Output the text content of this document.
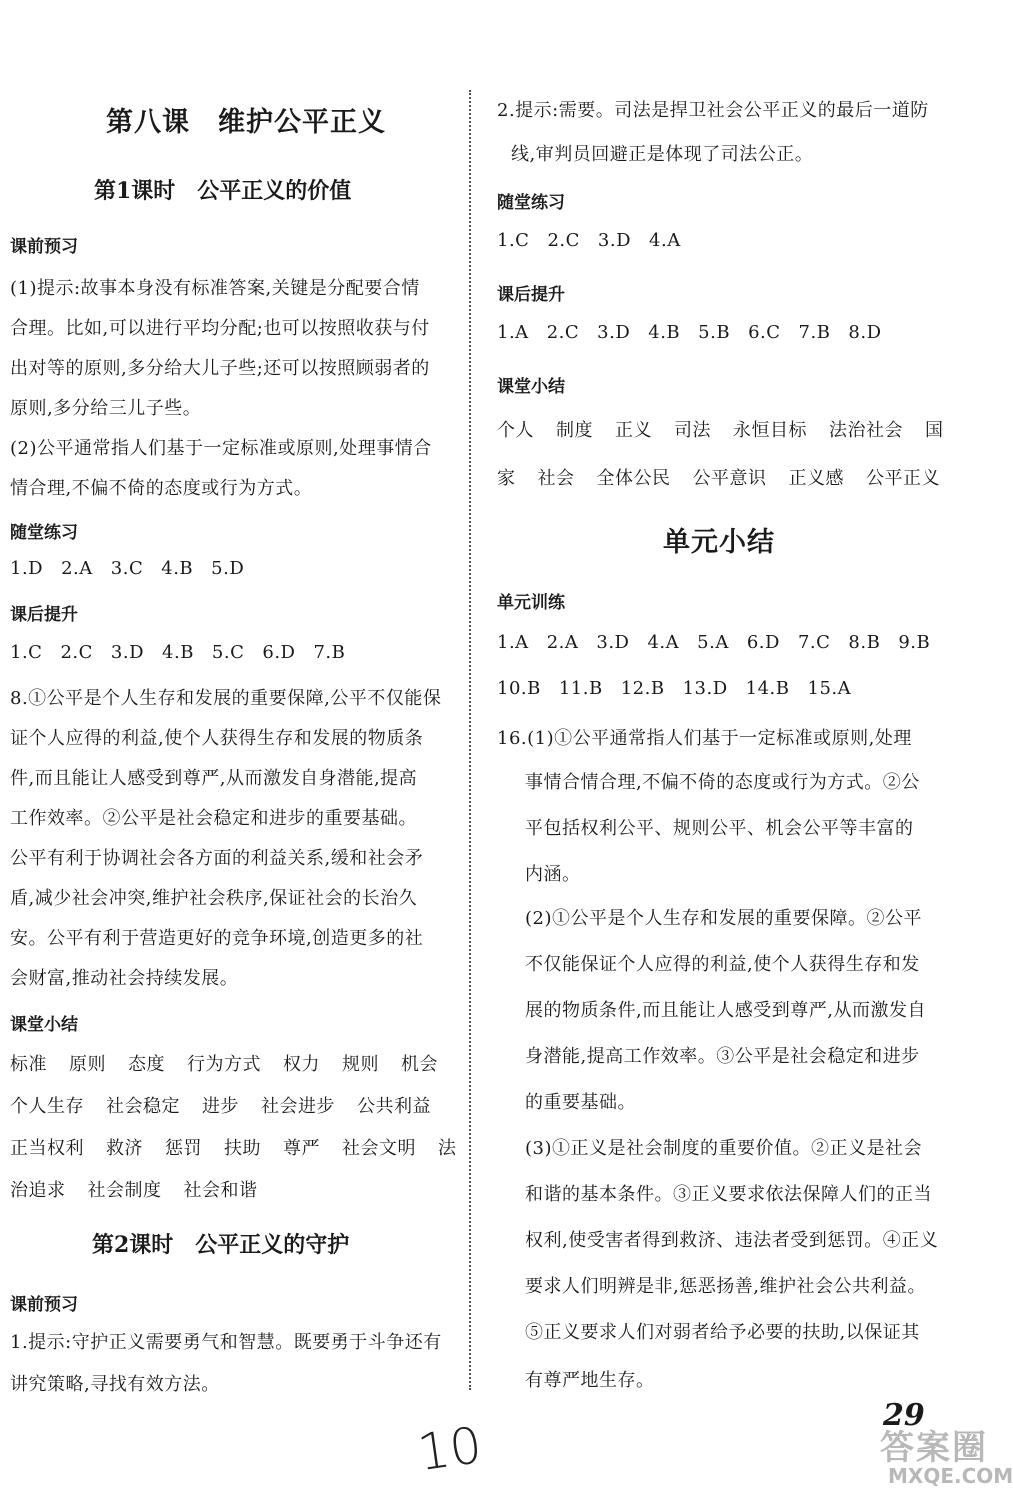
第八课　维护公平正义
第1课时　公平正义的价值
课前预习
(1)提示:故事本身没有标准答案,关键是分配要合情
合理。比如,可以进行平均分配;也可以按照收获与付
出对等的原则,多分给大儿子些;还可以按照顾弱者的
原则,多分给三儿子些。
(2)公平通常指人们基于一定标准或原则,处理事情合
情合理,不偏不倚的态度或行为方式。
随堂练习
1.D 2.A 3.C 4.B 5.D
课后提升
1.C 2.C 3.D 4.B 5.C 6.D 7.B
8.①公平是个人生存和发展的重要保障,公平不仅能保
证个人应得的利益,使个人获得生存和发展的物质条
件,而且能让人感受到尊严,从而激发自身潜能,提高
工作效率。②公平是社会稳定和进步的重要基础。
公平有利于协调社会各方面的利益关系,缓和社会矛
盾,减少社会冲突,维护社会秩序,保证社会的长治久
安。公平有利于营造更好的竞争环境,创造更多的社
会财富,推动社会持续发展。
课堂小结
标准 原则 态度 行为方式 权力 规则 机会
个人生存 社会稳定 进步 社会进步 公共利益
正当权利 救济 惩罚 扶助 尊严 社会文明 法
治追求 社会制度 社会和谐
第2课时　公平正义的守护
课前预习
1.提示:守护正义需要勇气和智慧。既要勇于斗争还有
讲究策略,寻找有效方法。
2.提示:需要。司法是捍卫社会公平正义的最后一道防
线,审判员回避正是体现了司法公正。
随堂练习
1.C 2.C 3.D 4.A
课后提升
1.A 2.C 3.D 4.B 5.B 6.C 7.B 8.D
课堂小结
个人 制度 正义 司法 永恒目标 法治社会 国
家 社会 全体公民 公平意识 正义感 公平正义
单元小结
单元训练
1.A 2.A 3.D 4.A 5.A 6.D 7.C 8.B 9.B
10.B 11.B 12.B 13.D 14.B 15.A
16.(1)①公平通常指人们基于一定标准或原则,处理
事情合情合理,不偏不倚的态度或行为方式。②公
平包括权利公平、规则公平、机会公平等丰富的
内涵。
(2)①公平是个人生存和发展的重要保障。②公平
不仅能保证个人应得的利益,使个人获得生存和发
展的物质条件,而且能让人感受到尊严,从而激发自
身潜能,提高工作效率。③公平是社会稳定和进步
的重要基础。
(3)①正义是社会制度的重要价值。②正义是社会
和谐的基本条件。③正义要求依法保障人们的正当
权利,使受害者得到救济、违法者受到惩罚。④正义
要求人们明辨是非,惩恶扬善,维护社会公共利益。
⑤正义要求人们对弱者给予必要的扶助,以保证其
有尊严地生存。
29
10	答案圈
MXQE.COM
